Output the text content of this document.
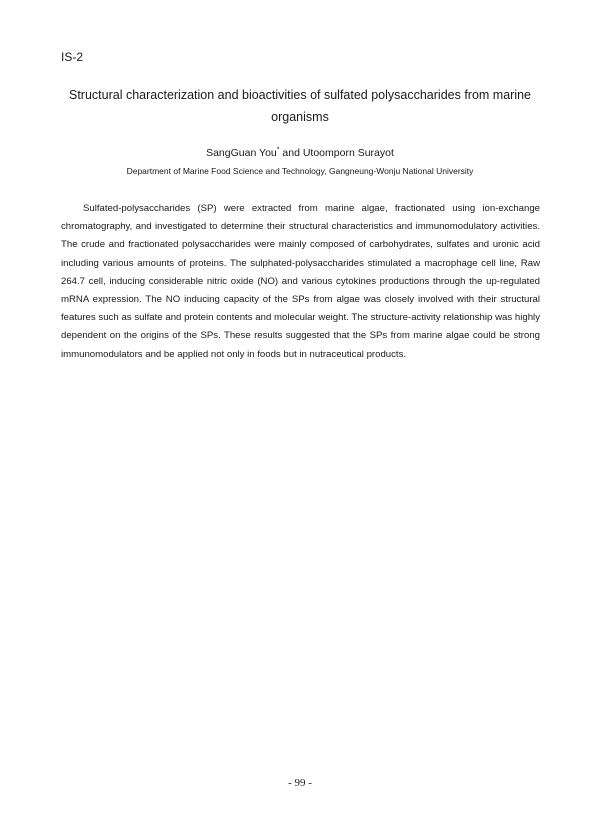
IS-2
Structural characterization and bioactivities of sulfated polysaccharides from marine organisms
SangGuan You* and Utoomporn Surayot
Department of Marine Food Science and Technology, Gangneung-Wonju National University

Sulfated-polysaccharides (SP) were extracted from marine algae, fractionated using ion-exchange chromatography, and investigated to determine their structural characteristics and immunomodulatory activities. The crude and fractionated polysaccharides were mainly composed of carbohydrates, sulfates and uronic acid including various amounts of proteins. The sulphated-polysaccharides stimulated a macrophage cell line, Raw 264.7 cell, inducing considerable nitric oxide (NO) and various cytokines productions through the up-regulated mRNA expression. The NO inducing capacity of the SPs from algae was closely involved with their structural features such as sulfate and protein contents and molecular weight. The structure-activity relationship was highly dependent on the origins of the SPs. These results suggested that the SPs from marine algae could be strong immunomodulators and be applied not only in foods but in nutraceutical products.

- 99 -
